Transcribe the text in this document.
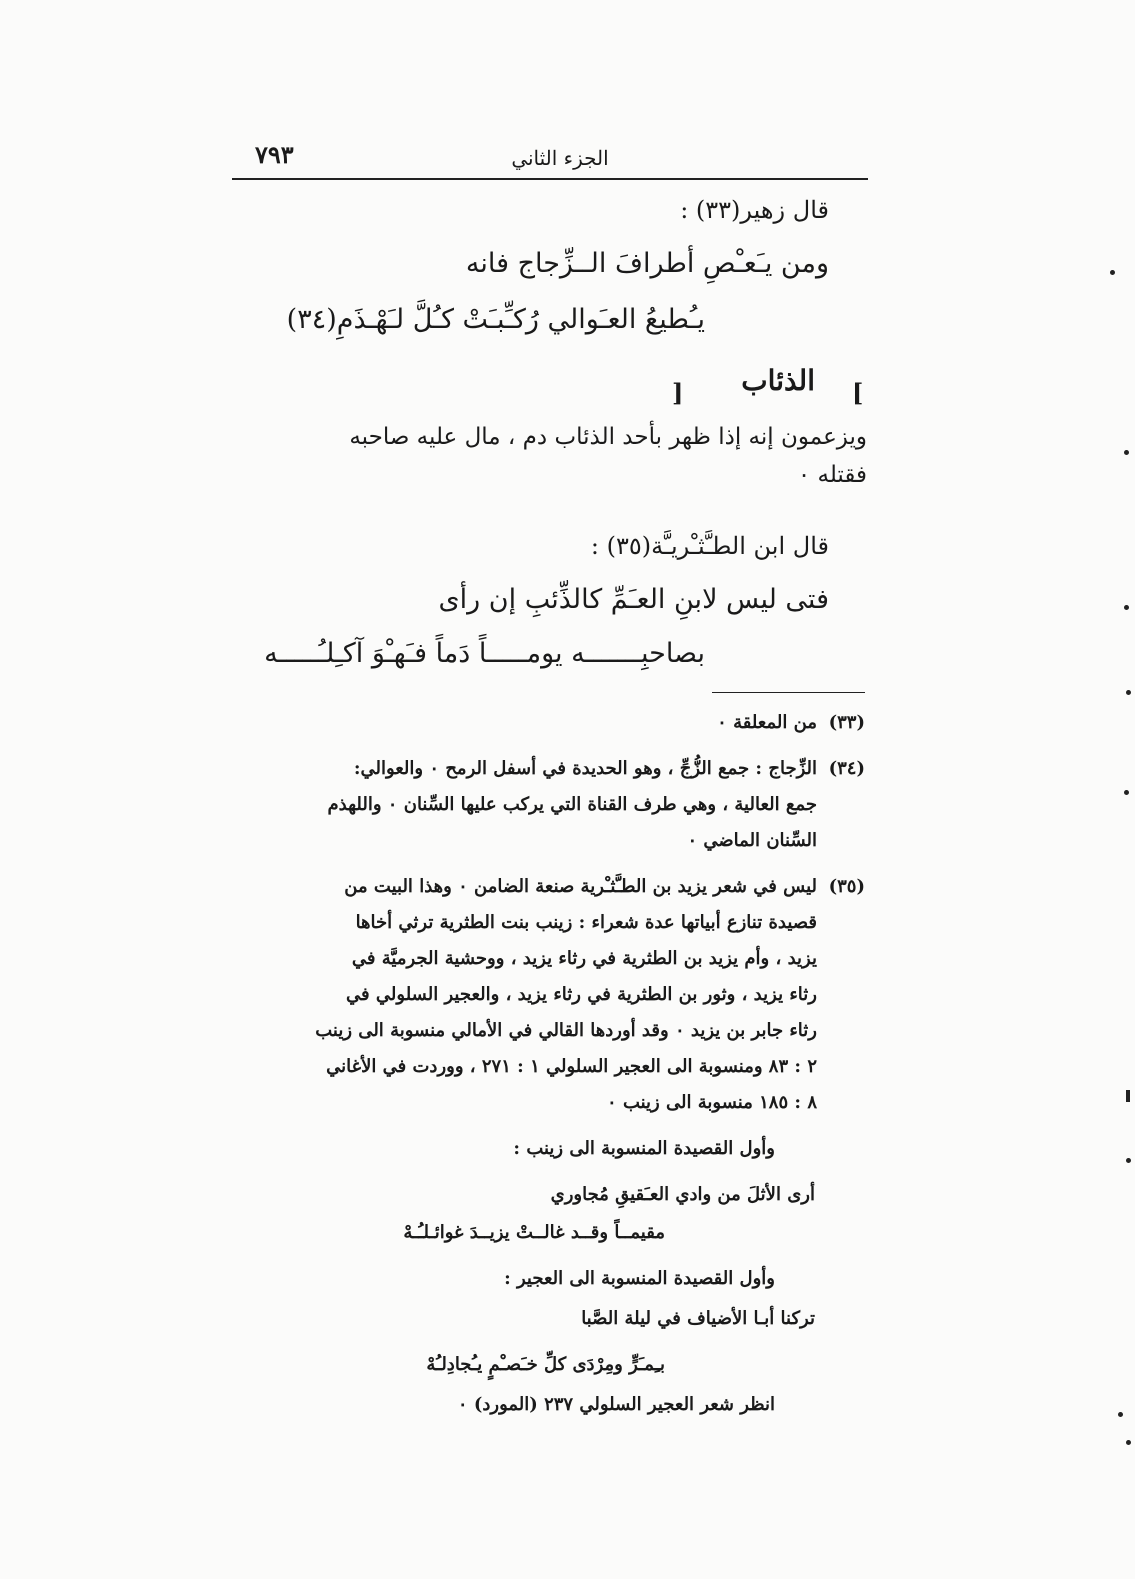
الجزء الثاني
٧٩٣
قال زهير(٣٣) :
ومن يـَعـْصِ أطرافَ الــزِّجاج فانه
يـُطيعُ العـَوالي رُكـِّبـَتْ كـُلَّ لـَهْـذَمِ(٣٤)
[
الذئاب
]
ويزعمون إنه إذا ظهر بأحد الذئاب دم ، مال عليه صاحبه
فقتله ٠
قال ابن الطـَّثـْريـَّة(٣٥) :
فتى ليس لابنِ العـَمِّ كالذِّئبِ إن رأى
بصاحبِـــــــه يومـــــاً دَماً فـَهـْوَ آكـِلـُـــــه
(٣٣)
من المعلقة ٠
(٣٤)
الزِّجاج : جمع الزُّجِّ ، وهو الحديدة في أسفل الرمح ٠ والعوالي:
جمع العالية ، وهي طرف القناة التي يركب عليها السِّنان ٠ واللهذم
السِّنان الماضي ٠
(٣٥)
ليس في شعر يزيد بن الطـَّثـْرية صنعة الضامن ٠ وهذا البيت من
قصيدة تنازع أبياتها عدة شعراء : زينب بنت الطثرية ترثي أخاها
يزيد ، وأم يزيد بن الطثرية في رثاء يزيد ، ووحشية الجرميَّة في
رثاء يزيد ، وثور بن الطثرية في رثاء يزيد ، والعجير السلولي في
رثاء جابر بن يزيد ٠ وقد أوردها القالي في الأمالي منسوبة الى زينب
٢ : ٨٣ ومنسوبة الى العجير السلولي ١ : ٢٧١ ، ووردت في الأغاني
٨ : ١٨٥ منسوبة الى زينب ٠
وأول القصيدة المنسوبة الى زينب :
أرى الأثلَ من وادي العـَقيقِ مُجاوري
مقيمــاً وقــد غالــتْ يزيــدَ غوائـلـُـهْ
وأول القصيدة المنسوبة الى العجير :
تركنا أبـا الأضياف في ليلة الصَّبا
بـِمـَرٍّ ومِرْدَى كلِّ خـَصـْمٍ يـُجادِلـُهْ
انظر شعر العجير السلولي ٢٣٧ (المورد) ٠
